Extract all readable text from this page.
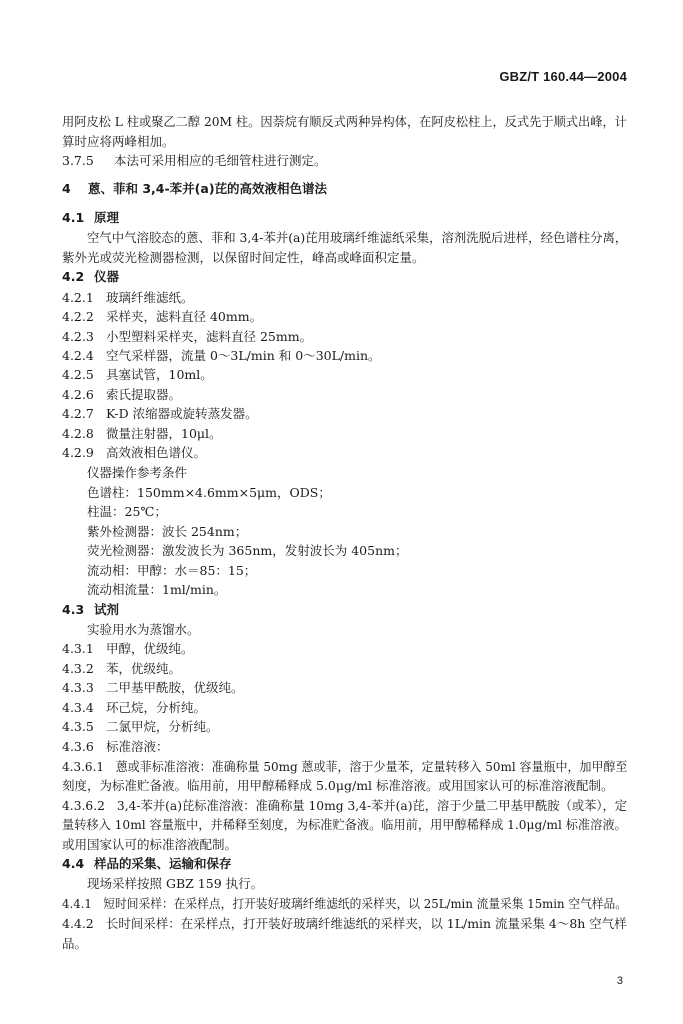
GBZ/T 160.44—2004
用阿皮松 L 柱或聚乙二醇 20M 柱。因萘烷有顺反式两种异构体，在阿皮松柱上，反式先于顺式出峰，计
算时应将两峰相加。
3.7.5 本法可采用相应的毛细管柱进行测定。
4 蒽、菲和 3,4-苯并(a)芘的高效液相色谱法
4.1 原理
空气中气溶胶态的蒽、菲和 3,4-苯并(a)芘用玻璃纤维滤纸采集，溶剂洗脱后进样，经色谱柱分离，
紫外光或荧光检测器检测，以保留时间定性，峰高或峰面积定量。
4.2 仪器
4.2.1 玻璃纤维滤纸。
4.2.2 采样夹，滤料直径 40mm。
4.2.3 小型塑料采样夹，滤料直径 25mm。
4.2.4 空气采样器，流量 0～3L/min 和 0～30L/min。
4.2.5 具塞试管，10ml。
4.2.6 索氏提取器。
4.2.7 K-D 浓缩器或旋转蒸发器。
4.2.8 微量注射器，10μl。
4.2.9 高效液相色谱仪。
仪器操作参考条件
色谱柱：150mm×4.6mm×5μm，ODS；
柱温：25℃；
紫外检测器：波长 254nm；
荧光检测器：激发波长为 365nm，发射波长为 405nm；
流动相：甲醇：水＝85：15；
流动相流量：1ml/min。
4.3 试剂
实验用水为蒸馏水。
4.3.1 甲醇，优级纯。
4.3.2 苯，优级纯。
4.3.3 二甲基甲酰胺，优级纯。
4.3.4 环己烷，分析纯。
4.3.5 二氯甲烷，分析纯。
4.3.6 标准溶液：
4.3.6.1 蒽或菲标准溶液：准确称量 50mg 蒽或菲，溶于少量苯，定量转移入 50ml 容量瓶中，加甲醇至
刻度，为标准贮备液。临用前，用甲醇稀释成 5.0μg/ml 标准溶液。或用国家认可的标准溶液配制。
4.3.6.2 3,4-苯并(a)芘标准溶液：准确称量 10mg 3,4-苯并(a)芘，溶于少量二甲基甲酰胺（或苯），定
量转移入 10ml 容量瓶中，并稀释至刻度，为标准贮备液。临用前，用甲醇稀释成 1.0μg/ml 标准溶液。
或用国家认可的标准溶液配制。
4.4 样品的采集、运输和保存
现场采样按照 GBZ 159 执行。
4.4.1 短时间采样：在采样点，打开装好玻璃纤维滤纸的采样夹，以 25L/min 流量采集 15min 空气样品。
4.4.2 长时间采样：在采样点，打开装好玻璃纤维滤纸的采样夹，以 1L/min 流量采集 4～8h 空气样
品。
3
